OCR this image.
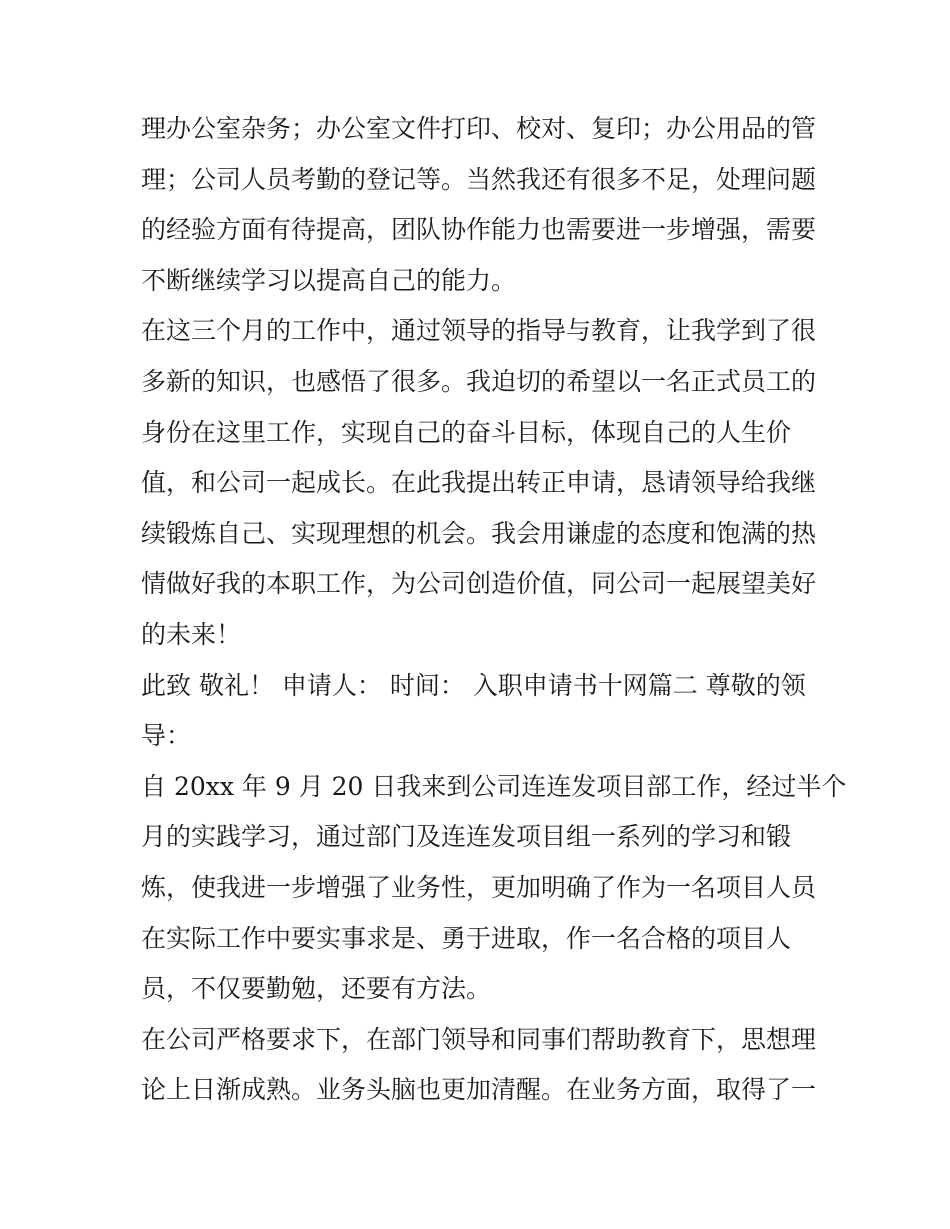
理办公室杂务；办公室文件打印、校对、复印；办公用品的管
理；公司人员考勤的登记等。当然我还有很多不足，处理问题
的经验方面有待提高，团队协作能力也需要进一步增强，需要
不断继续学习以提高自己的能力。

在这三个月的工作中，通过领导的指导与教育，让我学到了很
多新的知识，也感悟了很多。我迫切的希望以一名正式员工的
身份在这里工作，实现自己的奋斗目标，体现自己的人生价
值，和公司一起成长。在此我提出转正申请，恳请领导给我继
续锻炼自己、实现理想的机会。我会用谦虚的态度和饱满的热
情做好我的本职工作，为公司创造价值，同公司一起展望美好
的未来！

此致 敬礼！ 申请人： 时间： 入职申请书十网篇二 尊敬的领
导：

自 20xx 年 9 月 20 日我来到公司连连发项目部工作，经过半个
月的实践学习，通过部门及连连发项目组一系列的学习和锻
炼，使我进一步增强了业务性，更加明确了作为一名项目人员
在实际工作中要实事求是、勇于进取，作一名合格的项目人
员，不仅要勤勉，还要有方法。

在公司严格要求下，在部门领导和同事们帮助教育下，思想理
论上日渐成熟。业务头脑也更加清醒。在业务方面，取得了一
